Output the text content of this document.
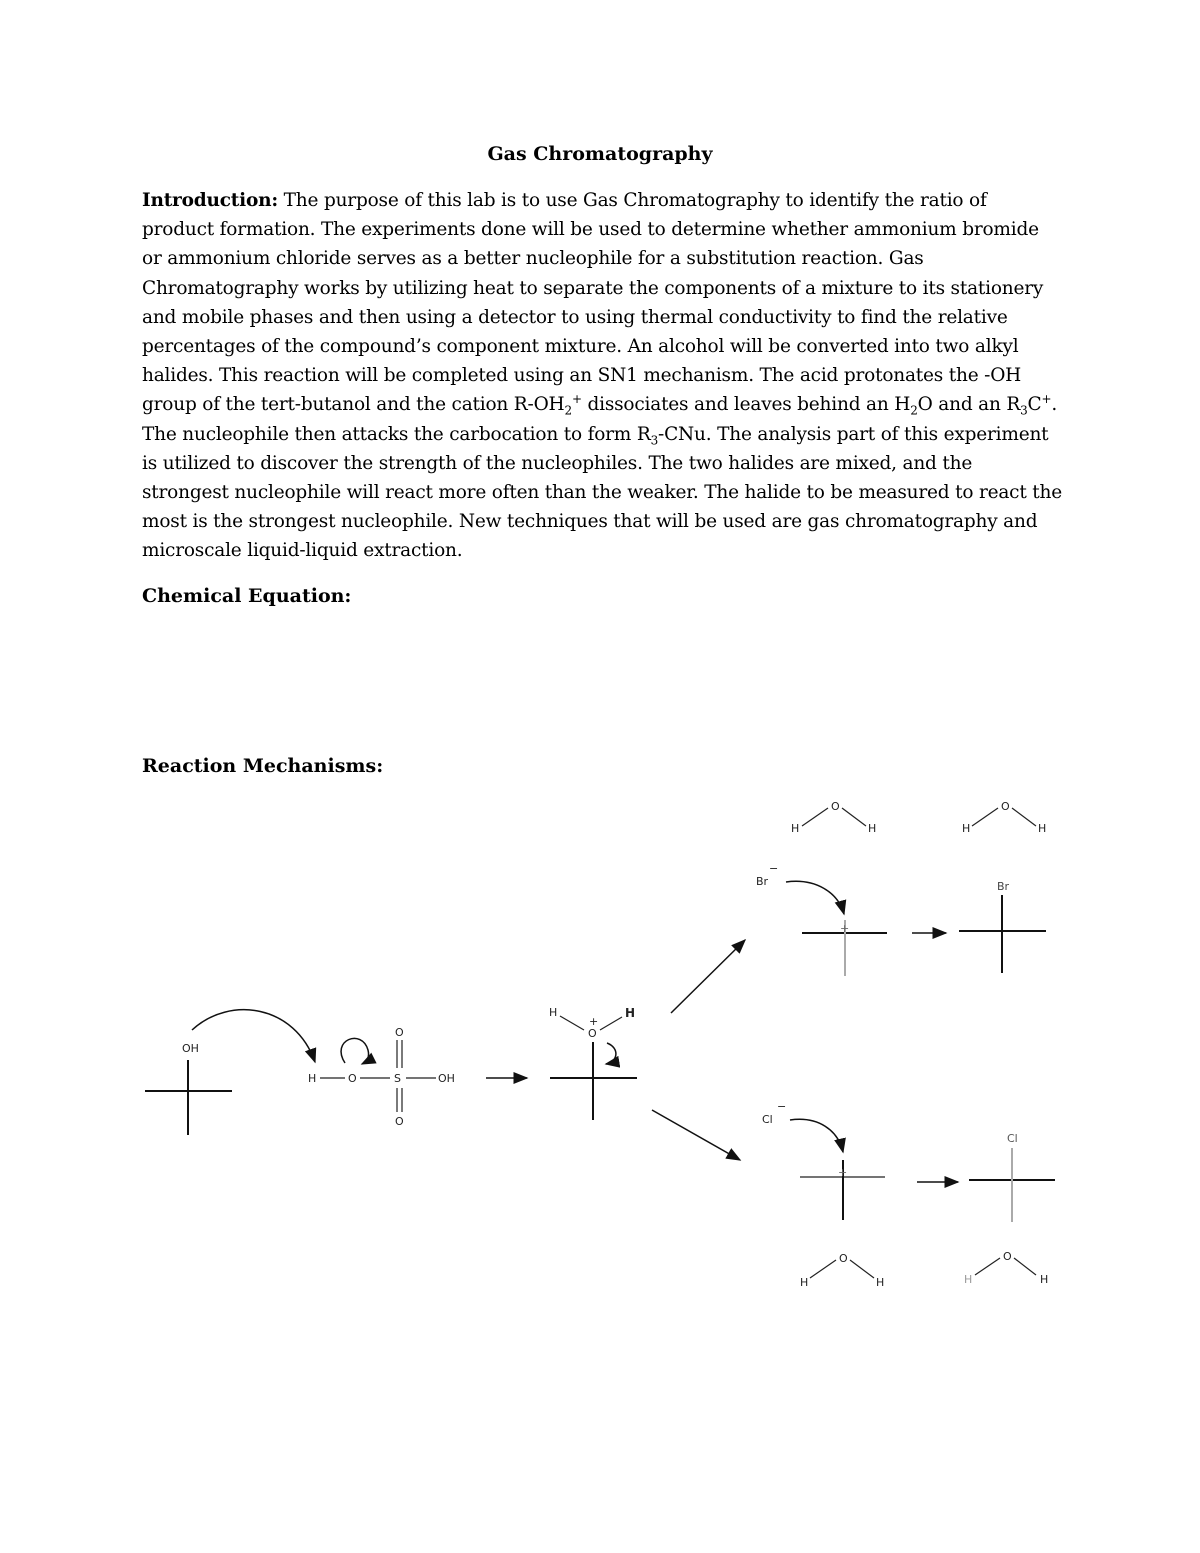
Gas Chromatography

Introduction: The purpose of this lab is to use Gas Chromatography to identify the ratio of product formation. The experiments done will be used to determine whether ammonium bromide or ammonium chloride serves as a better nucleophile for a substitution reaction. Gas Chromatography works by utilizing heat to separate the components of a mixture to its stationery and mobile phases and then using a detector to using thermal conductivity to find the relative percentages of the compound’s component mixture. An alcohol will be converted into two alkyl halides. This reaction will be completed using an SN1 mechanism. The acid protonates the -OH group of the tert-butanol and the cation $R-OH_2^+$ dissociates and leaves behind an $H_2O$ and an $R_3C^+$. The nucleophile then attacks the carbocation to form $R_3$-CNu. The analysis part of this experiment is utilized to discover the strength of the nucleophiles. The two halides are mixed, and the strongest nucleophile will react more often than the weaker. The halide to be measured to react the most is the strongest nucleophile. New techniques that will be used are gas chromatography and microscale liquid-liquid extraction.

Chemical Equation:
Reaction Mechanisms:
OH
H	O	S	OH
O
O
H
O
+
H
O
H	H
O
H	H
Br
−
+
Br
Cl
−
+
Cl
O
H	H
O
H	H
